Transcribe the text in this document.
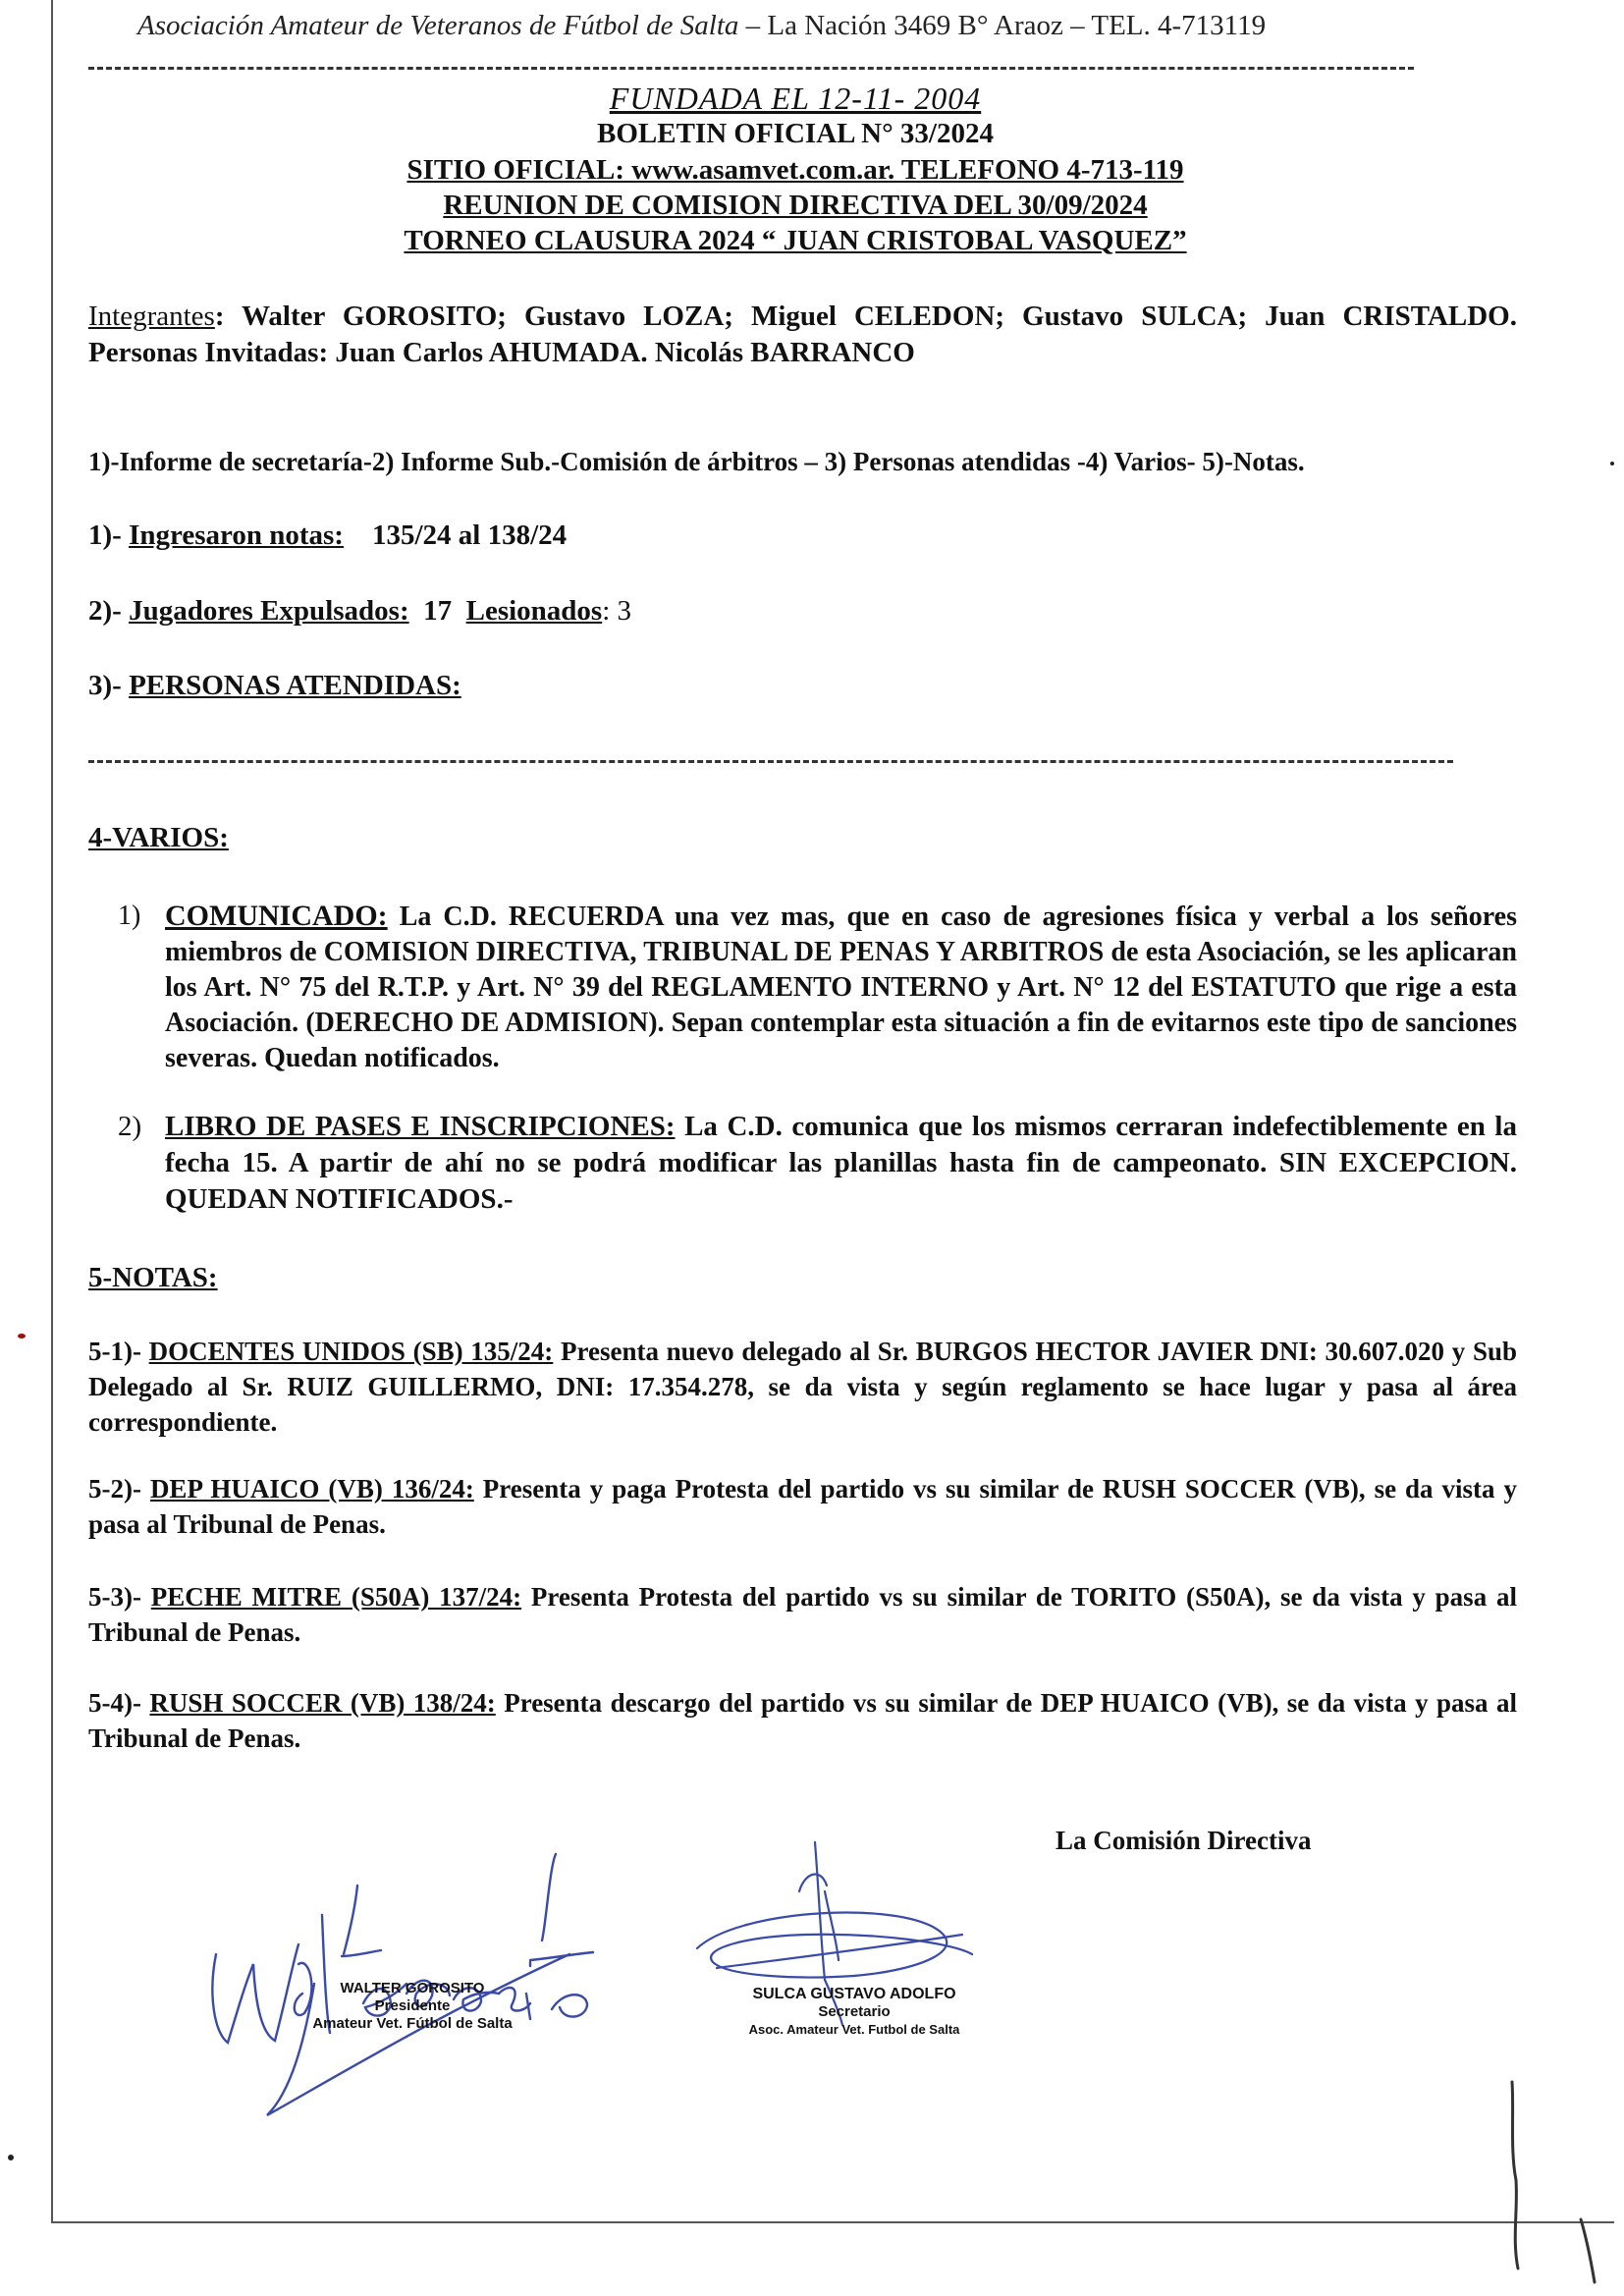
Asociación Amateur de Veteranos de Fútbol de Salta – La Nación 3469 B° Araoz – TEL. 4-713119
FUNDADA EL 12-11- 2004
BOLETIN OFICIAL N° 33/2024
SITIO OFICIAL: www.asamvet.com.ar. TELEFONO 4-713-119
REUNION DE COMISION DIRECTIVA DEL 30/09/2024
TORNEO CLAUSURA 2024 “ JUAN CRISTOBAL VASQUEZ”
Integrantes: Walter GOROSITO; Gustavo LOZA; Miguel CELEDON; Gustavo SULCA; Juan CRISTALDO. Personas Invitadas: Juan Carlos AHUMADA. Nicolás BARRANCO
1)-Informe de secretaría-2) Informe Sub.-Comisión de árbitros – 3) Personas atendidas -4) Varios- 5)-Notas.
1)- Ingresaron notas: 135/24 al 138/24
2)- Jugadores Expulsados: 17 Lesionados: 3
3)- PERSONAS ATENDIDAS:
4-VARIOS:
1) COMUNICADO: La C.D. RECUERDA una vez mas, que en caso de agresiones física y verbal a los señores miembros de COMISION DIRECTIVA, TRIBUNAL DE PENAS Y ARBITROS de esta Asociación, se les aplicaran los Art. N° 75 del R.T.P. y Art. N° 39 del REGLAMENTO INTERNO y Art. N° 12 del ESTATUTO que rige a esta Asociación. (DERECHO DE ADMISION). Sepan contemplar esta situación a fin de evitarnos este tipo de sanciones severas. Quedan notificados.
2) LIBRO DE PASES E INSCRIPCIONES: La C.D. comunica que los mismos cerraran indefectiblemente en la fecha 15. A partir de ahí no se podrá modificar las planillas hasta fin de campeonato. SIN EXCEPCION. QUEDAN NOTIFICADOS.-
5-NOTAS:
5-1)- DOCENTES UNIDOS (SB) 135/24: Presenta nuevo delegado al Sr. BURGOS HECTOR JAVIER DNI: 30.607.020 y Sub Delegado al Sr. RUIZ GUILLERMO, DNI: 17.354.278, se da vista y según reglamento se hace lugar y pasa al área correspondiente.
5-2)- DEP HUAICO (VB) 136/24: Presenta y paga Protesta del partido vs su similar de RUSH SOCCER (VB), se da vista y pasa al Tribunal de Penas.
5-3)- PECHE MITRE (S50A) 137/24: Presenta Protesta del partido vs su similar de TORITO (S50A), se da vista y pasa al Tribunal de Penas.
5-4)- RUSH SOCCER (VB) 138/24: Presenta descargo del partido vs su similar de DEP HUAICO (VB), se da vista y pasa al Tribunal de Penas.
La Comisión Directiva
WALTER GOROSITO
Presidente
Amateur Vet. Fútbol de Salta
SULCA GUSTAVO ADOLFO
Secretario
Asoc. Amateur Vet. Futbol de Salta
